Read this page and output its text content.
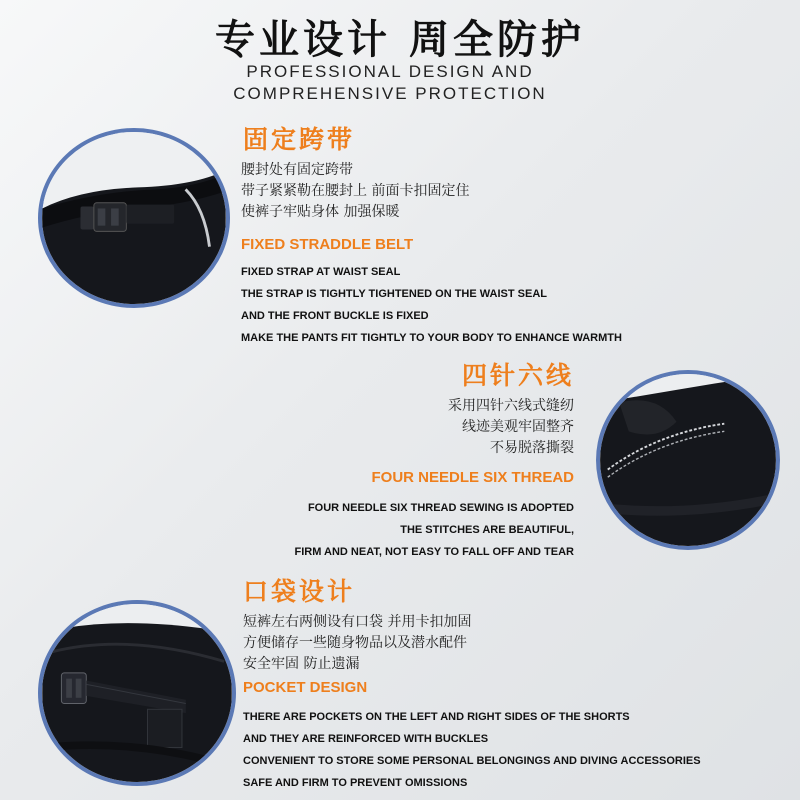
专业设计 周全防护
PROFESSIONAL DESIGN AND
COMPREHENSIVE PROTECTION
固定跨带
腰封处有固定跨带
带子紧紧勒在腰封上 前面卡扣固定住
使裤子牢贴身体 加强保暖
FIXED STRADDLE BELT
FIXED STRAP AT WAIST SEAL
THE STRAP IS TIGHTLY TIGHTENED ON THE WAIST SEAL
AND THE FRONT BUCKLE IS FIXED
MAKE THE PANTS FIT TIGHTLY TO YOUR BODY TO ENHANCE WARMTH
四针六线
采用四针六线式缝纫
线迹美观牢固整齐
不易脱落撕裂
FOUR NEEDLE SIX THREAD
FOUR NEEDLE SIX THREAD SEWING IS ADOPTED
THE STITCHES ARE BEAUTIFUL,
FIRM AND NEAT, NOT EASY TO FALL OFF AND TEAR
口袋设计
短裤左右两侧设有口袋 并用卡扣加固
方便储存一些随身物品以及潜水配件
安全牢固 防止遗漏
POCKET DESIGN
THERE ARE POCKETS ON THE LEFT AND RIGHT SIDES OF THE SHORTS
AND THEY ARE REINFORCED WITH BUCKLES
CONVENIENT TO STORE SOME PERSONAL BELONGINGS AND DIVING ACCESSORIES
SAFE AND FIRM TO PREVENT OMISSIONS
